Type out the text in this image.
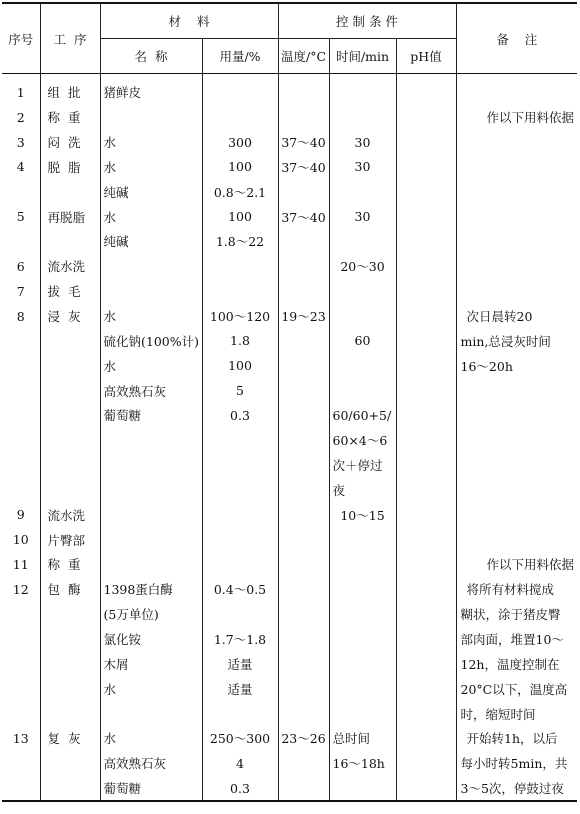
序号	工  序	材    料		控 制 条 件			备    注
		名  称	用量/%	温度/°C	时间/min	pH值	
1	组  批	猪鲜皮					
2	称  重						作以下用料依据
3	闷  洗	水	300	37～40	30		
4	脱  脂	水	100	37～40	30		
		纯碱	0.8～2.1				
5	再脱脂	水	100	37～40	30		
		纯碱	1.8～22				
6	流水洗				20～30		
7	拔  毛						
8	浸  灰	水	100～120	19～23			次日晨转20
		硫化钠(100%计)	1.8		60		min,总浸灰时间
		水	100				16～20h
		高效熟石灰	5				
		葡萄糖	0.3		60/60+5/		
					60×4～6		
					次＋停过		
					夜		
9	流水洗				10～15		
10	片臀部						
11	称  重						作以下用料依据
12	包  酶	1398蛋白酶	0.4～0.5				将所有材料搅成
		(5万单位)					糊状，涂于猪皮臀
		氯化铵	1.7～1.8				部肉面，堆置10～
		木屑	适量				12h，温度控制在
		水	适量				20°C以下，温度高
							时，缩短时间
13	复  灰	水	250～300	23～26	总时间		开始转1h，以后
		高效熟石灰	4		16～18h		每小时转5min，共
		葡萄糖	0.3				3～5次，停鼓过夜
